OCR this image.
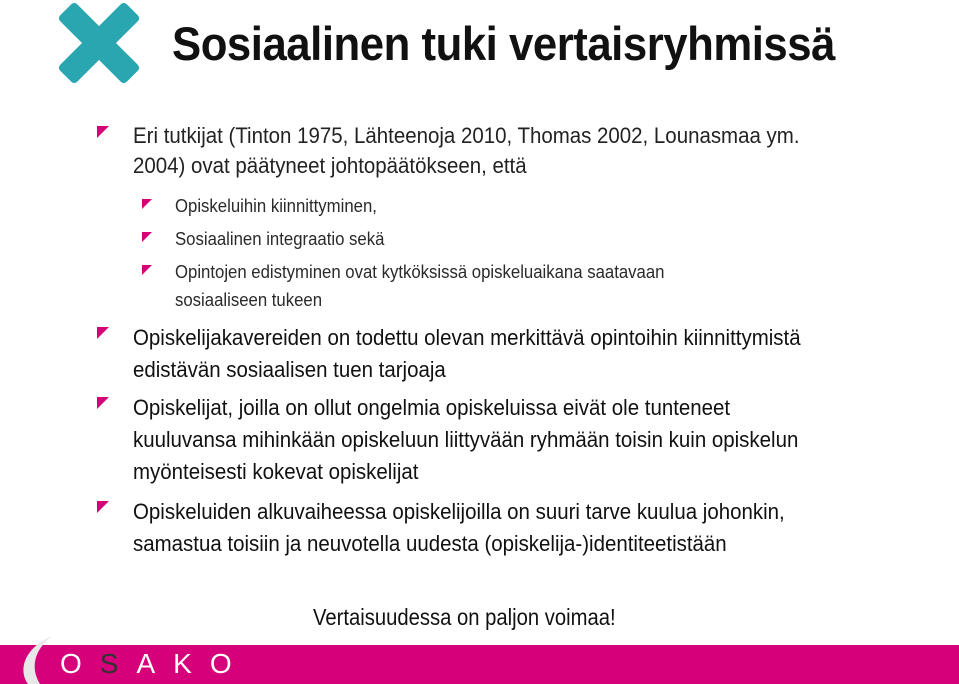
Sosiaalinen tuki vertaisryhmissä
Eri tutkijat (Tinton 1975, Lähteenoja 2010, Thomas 2002, Lounasmaa ym.
2004) ovat päätyneet johtopäätökseen, että
Opiskeluihin kiinnittyminen,
Sosiaalinen integraatio sekä
Opintojen edistyminen ovat kytköksissä opiskeluaikana saatavaan
sosiaaliseen tukeen
Opiskelijakavereiden on todettu olevan merkittävä opintoihin kiinnittymistä
edistävän sosiaalisen tuen tarjoaja
Opiskelijat, joilla on ollut ongelmia opiskeluissa eivät ole tunteneet
kuuluvansa mihinkään opiskeluun liittyvään ryhmään toisin kuin opiskelun
myönteisesti kokevat opiskelijat
Opiskeluiden alkuvaiheessa opiskelijoilla on suuri tarve kuulua johonkin,
samastua toisiin ja neuvotella uudesta (opiskelija-)identiteetistään
Vertaisuudessa on paljon voimaa!
OSAKO
